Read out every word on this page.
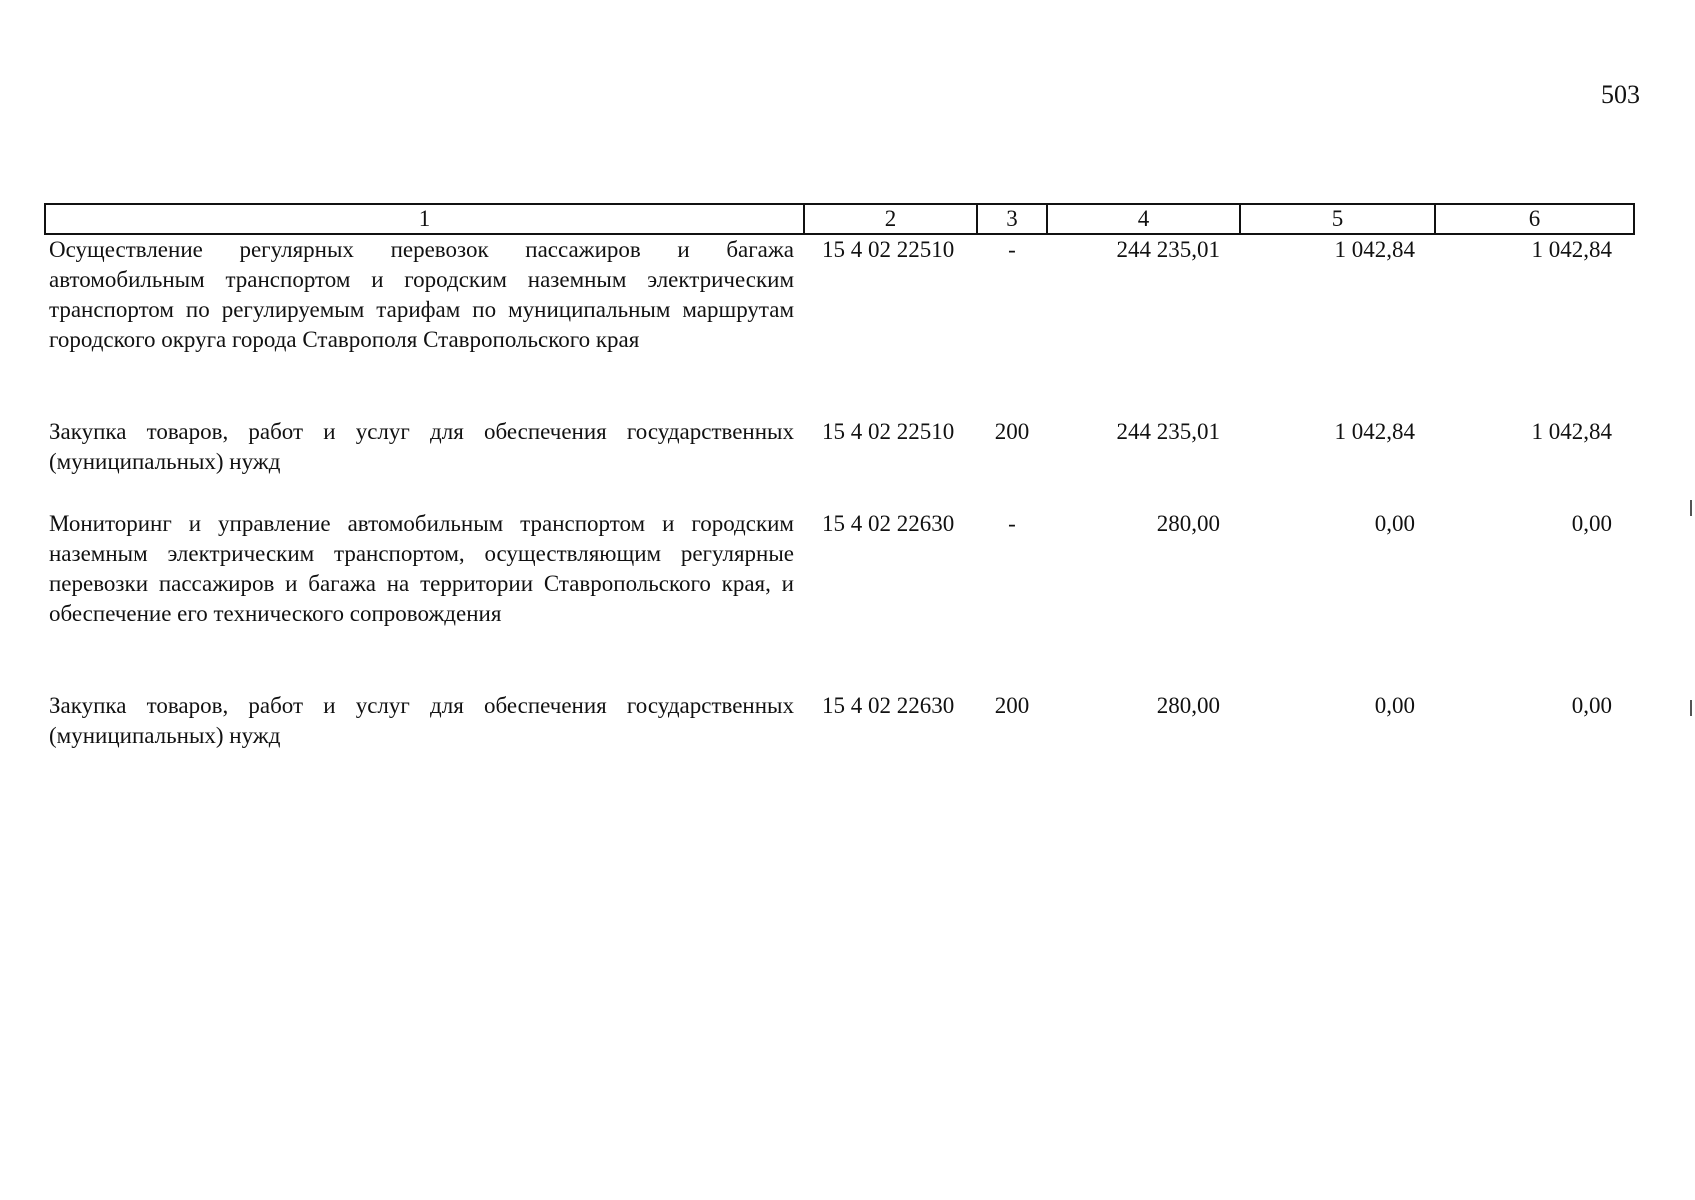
503
1	2	3	4	5	6
Осуществление регулярных перевозок пассажиров и багажа автомобильным транспортом и городским наземным электрическим транспортом по регулируемым тарифам по муниципальным маршрутам городского округа города Ставрополя Ставропольского края	15 4 02 22510	-	244 235,01	1 042,84	1 042,84
Закупка товаров, работ и услуг для обеспечения государственных (муниципальных) нужд	15 4 02 22510	200	244 235,01	1 042,84	1 042,84
Мониторинг и управление автомобильным транспортом и городским наземным электрическим транспортом, осуществляющим регулярные перевозки пассажиров и багажа на территории Ставропольского края, и обеспечение его технического сопровождения	15 4 02 22630	-	280,00	0,00	0,00
Закупка товаров, работ и услуг для обеспечения государственных (муниципальных) нужд	15 4 02 22630	200	280,00	0,00	0,00
